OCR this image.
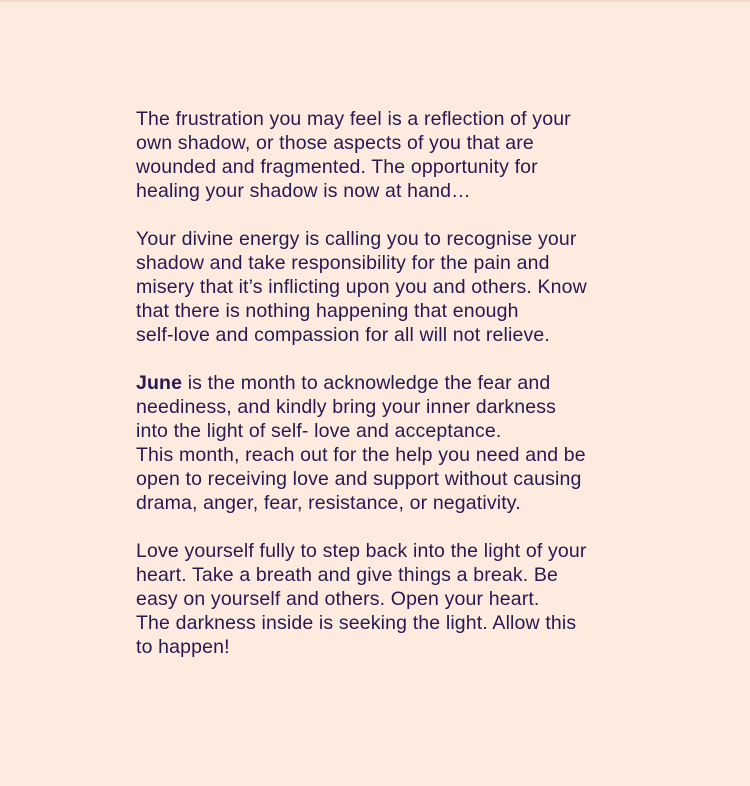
The frustration you may feel is a reflection of your
own shadow, or those aspects of you that are
wounded and fragmented. The opportunity for
healing your shadow is now at hand…

Your divine energy is calling you to recognise your
shadow and take responsibility for the pain and
misery that it’s inflicting upon you and others. Know
that there is nothing happening that enough
self-love and compassion for all will not relieve.

June is the month to acknowledge the fear and
neediness, and kindly bring your inner darkness
into the light of self- love and acceptance.
This month, reach out for the help you need and be
open to receiving love and support without causing
drama, anger, fear, resistance, or negativity.

Love yourself fully to step back into the light of your
heart. Take a breath and give things a break. Be
easy on yourself and others. Open your heart.
The darkness inside is seeking the light. Allow this
to happen!
